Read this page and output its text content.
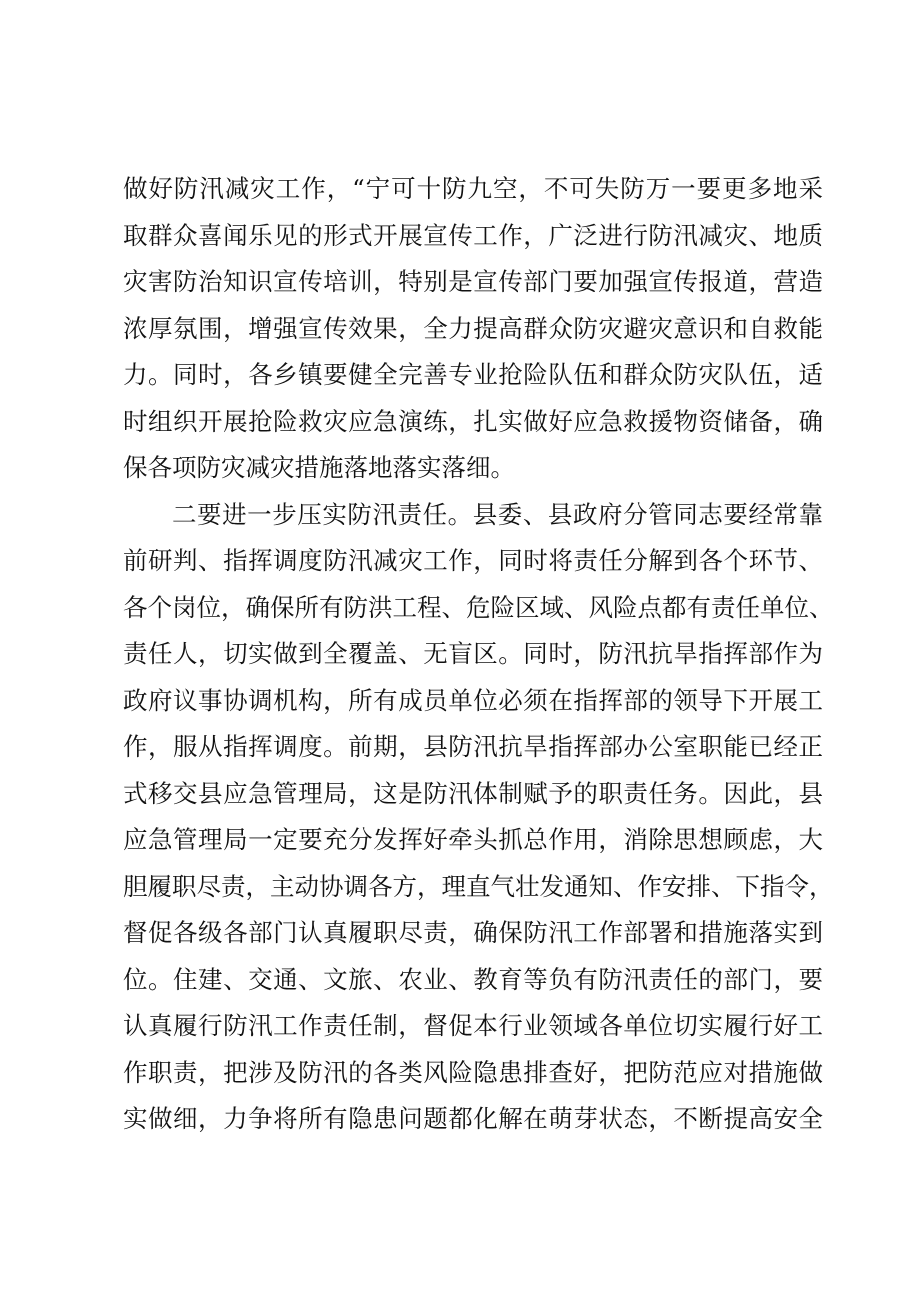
做好防汛减灾工作，“宁可十防九空，不可失防万一要更多地采
取群众喜闻乐见的形式开展宣传工作，广泛进行防汛减灾、地质
灾害防治知识宣传培训，特别是宣传部门要加强宣传报道，营造
浓厚氛围，增强宣传效果，全力提高群众防灾避灾意识和自救能
力。同时，各乡镇要健全完善专业抢险队伍和群众防灾队伍，适
时组织开展抢险救灾应急演练，扎实做好应急救援物资储备，确
保各项防灾减灾措施落地落实落细。
二要进一步压实防汛责任。县委、县政府分管同志要经常靠
前研判、指挥调度防汛减灾工作，同时将责任分解到各个环节、
各个岗位，确保所有防洪工程、危险区域、风险点都有责任单位、
责任人，切实做到全覆盖、无盲区。同时，防汛抗旱指挥部作为
政府议事协调机构，所有成员单位必须在指挥部的领导下开展工
作，服从指挥调度。前期，县防汛抗旱指挥部办公室职能已经正
式移交县应急管理局，这是防汛体制赋予的职责任务。因此，县
应急管理局一定要充分发挥好牵头抓总作用，消除思想顾虑，大
胆履职尽责，主动协调各方，理直气壮发通知、作安排、下指令，
督促各级各部门认真履职尽责，确保防汛工作部署和措施落实到
位。住建、交通、文旅、农业、教育等负有防汛责任的部门，要
认真履行防汛工作责任制，督促本行业领域各单位切实履行好工
作职责，把涉及防汛的各类风险隐患排查好，把防范应对措施做
实做细，力争将所有隐患问题都化解在萌芽状态，不断提高安全
